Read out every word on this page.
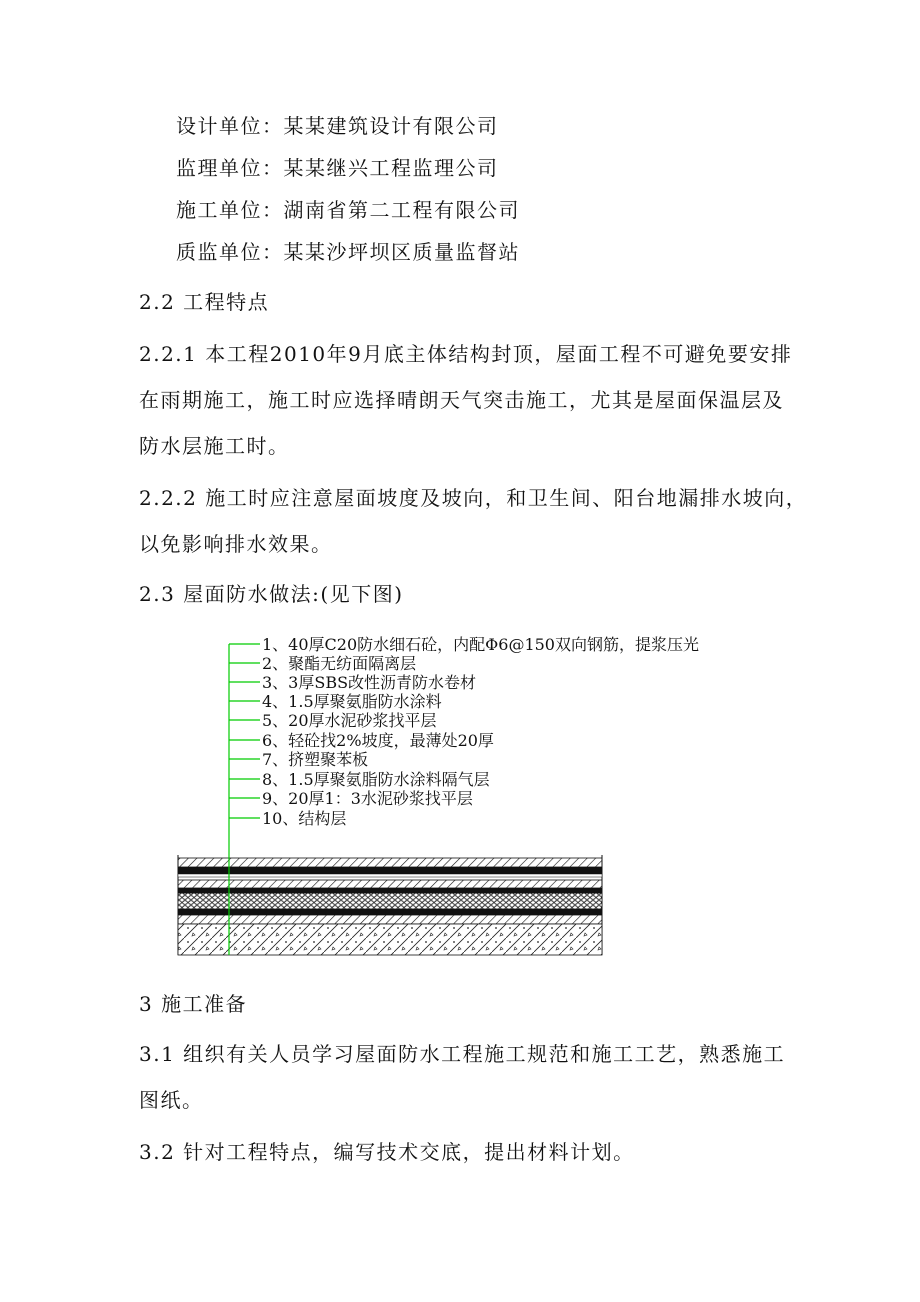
设计单位：某某建筑设计有限公司
监理单位：某某继兴工程监理公司
施工单位：湖南省第二工程有限公司
质监单位：某某沙坪坝区质量监督站
2.2 工程特点
2.2.1 本工程2010年9月底主体结构封顶，屋面工程不可避免要安排
在雨期施工，施工时应选择晴朗天气突击施工，尤其是屋面保温层及
防水层施工时。
2.2.2 施工时应注意屋面坡度及坡向，和卫生间、阳台地漏排水坡向，
以免影响排水效果。
2.3 屋面防水做法:(见下图)
1、40厚C20防水细石砼，内配Φ6@150双向钢筋，提浆压光
2、聚酯无纺面隔离层
3、3厚SBS改性沥青防水卷材
4、1.5厚聚氨脂防水涂料
5、20厚水泥砂浆找平层
6、轻砼找2%坡度，最薄处20厚
7、挤塑聚苯板
8、1.5厚聚氨脂防水涂料隔气层
9、20厚1：3水泥砂浆找平层
10、结构层
3 施工准备
3.1 组织有关人员学习屋面防水工程施工规范和施工工艺，熟悉施工
图纸。
3.2 针对工程特点，编写技术交底，提出材料计划。
